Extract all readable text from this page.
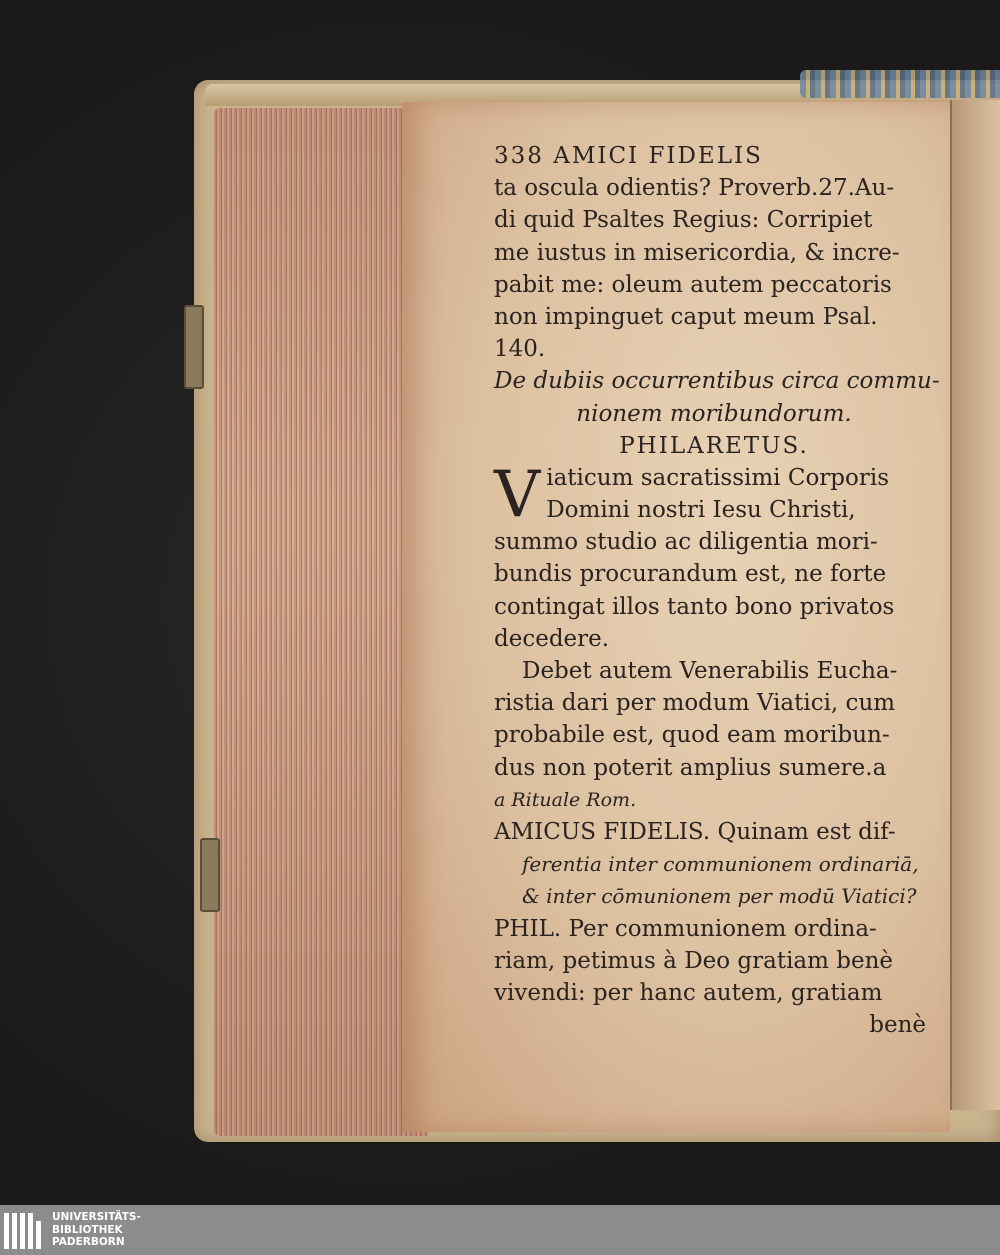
338 AMICI FIDELIS
ta oscula odientis? Proverb.27.Au-
di quid Psaltes Regius: Corripiet
me iustus in misericordia, & incre-
pabit me: oleum autem peccatoris
non impinguet caput meum Psal.
140.
De dubiis occurrentibus circa commu-
nionem moribundorum.
PHILARETUS.
V iaticum sacratissimi Corporis
Domini nostri Iesu Christi,
summo studio ac diligentia mori-
bundis procurandum est, ne forte
contingat illos tanto bono privatos
decedere.
Debet autem Venerabilis Eucha-
ristia dari per modum Viatici, cum
probabile est, quod eam moribun-
dus non poterit amplius sumere.a
a Rituale Rom.
AMICUS FIDELIS. Quinam est dif-
ferentia inter communionem ordinariā,
& inter cōmunionem per modū Viatici?
PHIL. Per communionem ordina-
riam, petimus à Deo gratiam benè
vivendi: per hanc autem, gratiam
benè
UNIVERSITÄTS-
BIBLIOTHEK
PADERBORN
